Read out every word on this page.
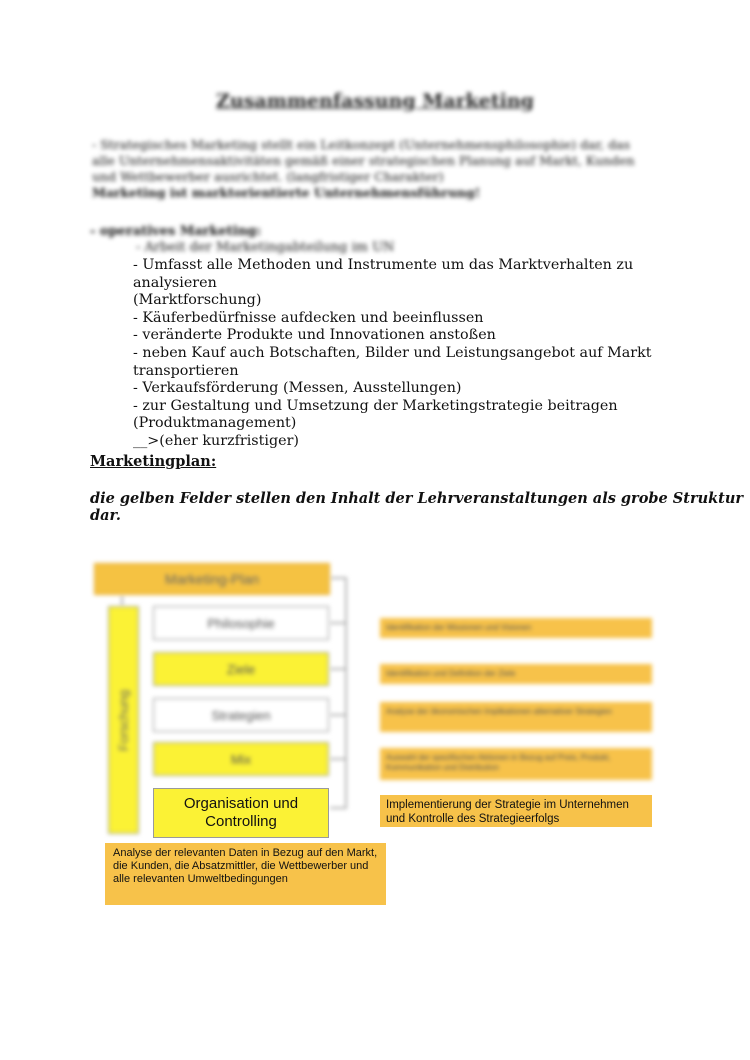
Zusammenfassung Marketing

- Strategisches Marketing stellt ein Leitkonzept (Unternehmensphilosophie) dar, das

alle Unternehmensaktivitäten gemäß einer strategischen Planung auf Markt, Kunden

und Wettbewerber ausrichtet. (langfristiger Charakter)

Marketing ist marktorientierte Unternehmensführung!

- operatives Marketing:
- Arbeit der Marketingabteilung im UN
- Umfasst alle Methoden und Instrumente um das Marktverhalten zu analysieren
(Marktforschung)
- Käuferbedürfnisse aufdecken und beeinflussen
- veränderte Produkte und Innovationen anstoßen
- neben Kauf auch Botschaften, Bilder und Leistungsangebot auf Markt
transportieren
- Verkaufsförderung (Messen, Ausstellungen)
- zur Gestaltung und Umsetzung der Marketingstrategie beitragen
(Produktmanagement)
__>(eher kurzfristiger)
Marketingplan:
die gelben Felder stellen den Inhalt der Lehrveranstaltungen als grobe Struktur dar.
Marketing-Plan
Forschung
Philosophie
Ziele
Strategien
Mix
Organisation und Controlling
Identifikation der Missionen und Visionen
Identifikation und Definition der Ziele
Analyse der ökonomischen Implikationen alternativer Strategien
Auswahl der spezifischen Aktionen in Bezug auf Preis, Produkt, Kommunikation und Distribution
Implementierung der Strategie im Unternehmen und Kontrolle des Strategieerfolgs
Analyse der relevanten Daten in Bezug auf den Markt, die Kunden, die Absatzmittler, die Wettbewerber und alle relevanten Umweltbedingungen
